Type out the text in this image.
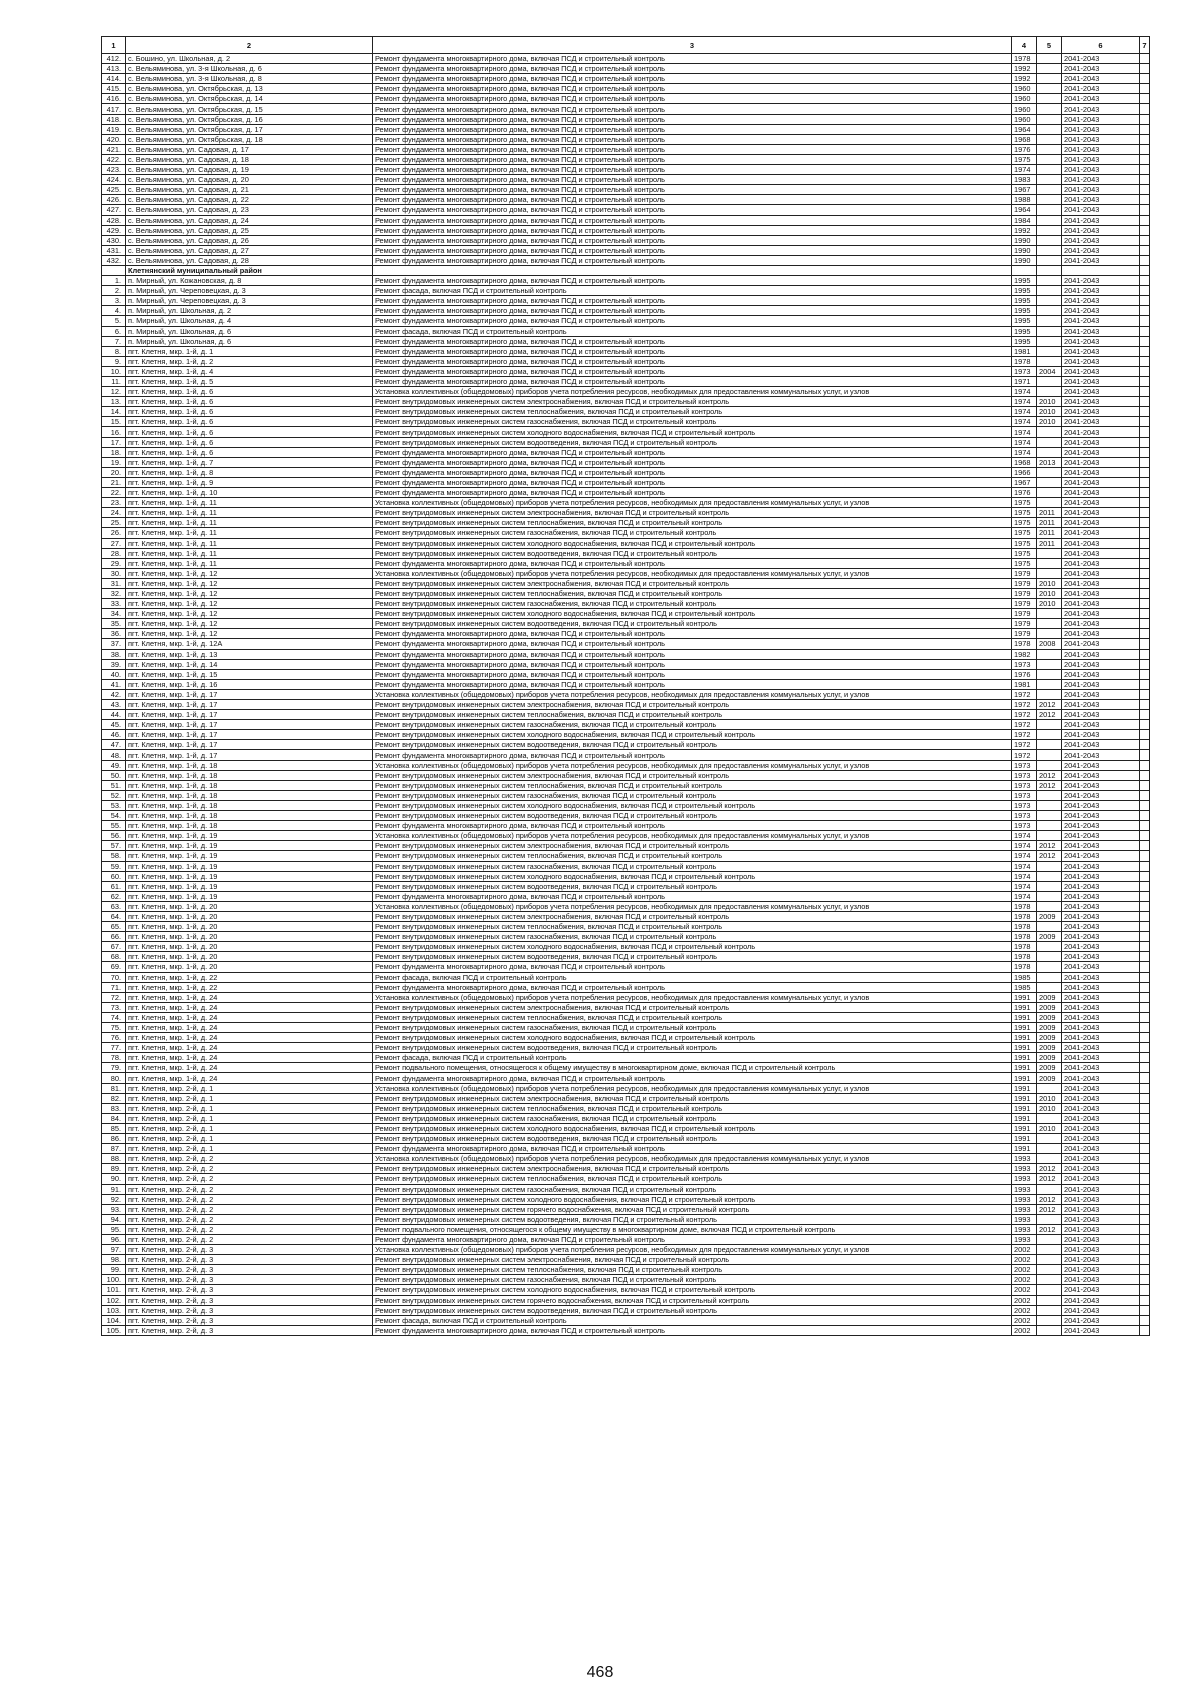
1	2	3	4	5	6	7
412.	с. Бошино, ул. Школьная, д. 2	Ремонт фундамента многоквартирного дома, включая ПСД и строительный контроль	1978		2041-2043	
413.	с. Вельяминова, ул. 3-я Школьная, д. 6	Ремонт фундамента многоквартирного дома, включая ПСД и строительный контроль	1992		2041-2043	
414.	с. Вельяминова, ул. 3-я Школьная, д. 8	Ремонт фундамента многоквартирного дома, включая ПСД и строительный контроль	1992		2041-2043	
415.	с. Вельяминова, ул. Октябрьская, д. 13	Ремонт фундамента многоквартирного дома, включая ПСД и строительный контроль	1960		2041-2043	
416.	с. Вельяминова, ул. Октябрьская, д. 14	Ремонт фундамента многоквартирного дома, включая ПСД и строительный контроль	1960		2041-2043	
417.	с. Вельяминова, ул. Октябрьская, д. 15	Ремонт фундамента многоквартирного дома, включая ПСД и строительный контроль	1960		2041-2043	
418.	с. Вельяминова, ул. Октябрьская, д. 16	Ремонт фундамента многоквартирного дома, включая ПСД и строительный контроль	1960		2041-2043	
419.	с. Вельяминова, ул. Октябрьская, д. 17	Ремонт фундамента многоквартирного дома, включая ПСД и строительный контроль	1964		2041-2043	
420.	с. Вельяминова, ул. Октябрьская, д. 18	Ремонт фундамента многоквартирного дома, включая ПСД и строительный контроль	1968		2041-2043	
421.	с. Вельяминова, ул. Садовая, д. 17	Ремонт фундамента многоквартирного дома, включая ПСД и строительный контроль	1976		2041-2043	
422.	с. Вельяминова, ул. Садовая, д. 18	Ремонт фундамента многоквартирного дома, включая ПСД и строительный контроль	1975		2041-2043	
423.	с. Вельяминова, ул. Садовая, д. 19	Ремонт фундамента многоквартирного дома, включая ПСД и строительный контроль	1974		2041-2043	
424.	с. Вельяминова, ул. Садовая, д. 20	Ремонт фундамента многоквартирного дома, включая ПСД и строительный контроль	1983		2041-2043	
425.	с. Вельяминова, ул. Садовая, д. 21	Ремонт фундамента многоквартирного дома, включая ПСД и строительный контроль	1967		2041-2043	
426.	с. Вельяминова, ул. Садовая, д. 22	Ремонт фундамента многоквартирного дома, включая ПСД и строительный контроль	1988		2041-2043	
427.	с. Вельяминова, ул. Садовая, д. 23	Ремонт фундамента многоквартирного дома, включая ПСД и строительный контроль	1964		2041-2043	
428.	с. Вельяминова, ул. Садовая, д. 24	Ремонт фундамента многоквартирного дома, включая ПСД и строительный контроль	1984		2041-2043	
429.	с. Вельяминова, ул. Садовая, д. 25	Ремонт фундамента многоквартирного дома, включая ПСД и строительный контроль	1992		2041-2043	
430.	с. Вельяминова, ул. Садовая, д. 26	Ремонт фундамента многоквартирного дома, включая ПСД и строительный контроль	1990		2041-2043	
431.	с. Вельяминова, ул. Садовая, д. 27	Ремонт фундамента многоквартирного дома, включая ПСД и строительный контроль	1990		2041-2043	
432.	с. Вельяминова, ул. Садовая, д. 28	Ремонт фундамента многоквартирного дома, включая ПСД и строительный контроль	1990		2041-2043	
	Клетнянский муниципальный район					
1.	п. Мирный, ул. Кожановская, д. 8	Ремонт фундамента многоквартирного дома, включая ПСД и строительный контроль	1995		2041-2043	
2.	п. Мирный, ул. Череповецкая, д. 3	Ремонт фасада, включая ПСД и строительный контроль	1995		2041-2043	
3.	п. Мирный, ул. Череповецкая, д. 3	Ремонт фундамента многоквартирного дома, включая ПСД и строительный контроль	1995		2041-2043	
4.	п. Мирный, ул. Школьная, д. 2	Ремонт фундамента многоквартирного дома, включая ПСД и строительный контроль	1995		2041-2043	
5.	п. Мирный, ул. Школьная, д. 4	Ремонт фундамента многоквартирного дома, включая ПСД и строительный контроль	1995		2041-2043	
6.	п. Мирный, ул. Школьная, д. 6	Ремонт фасада, включая ПСД и строительный контроль	1995		2041-2043	
7.	п. Мирный, ул. Школьная, д. 6	Ремонт фундамента многоквартирного дома, включая ПСД и строительный контроль	1995		2041-2043	
8.	пгт. Клетня, мкр. 1-й, д. 1	Ремонт фундамента многоквартирного дома, включая ПСД и строительный контроль	1981		2041-2043	
9.	пгт. Клетня, мкр. 1-й, д. 2	Ремонт фундамента многоквартирного дома, включая ПСД и строительный контроль	1978		2041-2043	
10.	пгт. Клетня, мкр. 1-й, д. 4	Ремонт фундамента многоквартирного дома, включая ПСД и строительный контроль	1973	2004	2041-2043	
11.	пгт. Клетня, мкр. 1-й, д. 5	Ремонт фундамента многоквартирного дома, включая ПСД и строительный контроль	1971		2041-2043	
12.	пгт. Клетня, мкр. 1-й, д. 6	Установка коллективных (общедомовых) приборов учета потребления ресурсов, необходимых для предоставления коммунальных услуг, и узлов	1974		2041-2043	
13.	пгт. Клетня, мкр. 1-й, д. 6	Ремонт внутридомовых инженерных систем электроснабжения, включая ПСД и строительный контроль	1974	2010	2041-2043	
14.	пгт. Клетня, мкр. 1-й, д. 6	Ремонт внутридомовых инженерных систем теплоснабжения, включая ПСД и строительный контроль	1974	2010	2041-2043	
15.	пгт. Клетня, мкр. 1-й, д. 6	Ремонт внутридомовых инженерных систем газоснабжения, включая ПСД и строительный контроль	1974	2010	2041-2043	
16.	пгт. Клетня, мкр. 1-й, д. 6	Ремонт внутридомовых инженерных систем холодного водоснабжения, включая ПСД и строительный контроль	1974		2041-2043	
17.	пгт. Клетня, мкр. 1-й, д. 6	Ремонт внутридомовых инженерных систем водоотведения, включая ПСД и строительный контроль	1974		2041-2043	
18.	пгт. Клетня, мкр. 1-й, д. 6	Ремонт фундамента многоквартирного дома, включая ПСД и строительный контроль	1974		2041-2043	
19.	пгт. Клетня, мкр. 1-й, д. 7	Ремонт фундамента многоквартирного дома, включая ПСД и строительный контроль	1968	2013	2041-2043	
20.	пгт. Клетня, мкр. 1-й, д. 8	Ремонт фундамента многоквартирного дома, включая ПСД и строительный контроль	1966		2041-2043	
21.	пгт. Клетня, мкр. 1-й, д. 9	Ремонт фундамента многоквартирного дома, включая ПСД и строительный контроль	1967		2041-2043	
22.	пгт. Клетня, мкр. 1-й, д. 10	Ремонт фундамента многоквартирного дома, включая ПСД и строительный контроль	1976		2041-2043	
23.	пгт. Клетня, мкр. 1-й, д. 11	Установка коллективных (общедомовых) приборов учета потребления ресурсов, необходимых для предоставления коммунальных услуг, и узлов	1975		2041-2043	
24.	пгт. Клетня, мкр. 1-й, д. 11	Ремонт внутридомовых инженерных систем электроснабжения, включая ПСД и строительный контроль	1975	2011	2041-2043	
25.	пгт. Клетня, мкр. 1-й, д. 11	Ремонт внутридомовых инженерных систем теплоснабжения, включая ПСД и строительный контроль	1975	2011	2041-2043	
26.	пгт. Клетня, мкр. 1-й, д. 11	Ремонт внутридомовых инженерных систем газоснабжения, включая ПСД и строительный контроль	1975	2011	2041-2043	
27.	пгт. Клетня, мкр. 1-й, д. 11	Ремонт внутридомовых инженерных систем холодного водоснабжения, включая ПСД и строительный контроль	1975	2011	2041-2043	
28.	пгт. Клетня, мкр. 1-й, д. 11	Ремонт внутридомовых инженерных систем водоотведения, включая ПСД и строительный контроль	1975		2041-2043	
29.	пгт. Клетня, мкр. 1-й, д. 11	Ремонт фундамента многоквартирного дома, включая ПСД и строительный контроль	1975		2041-2043	
30.	пгт. Клетня, мкр. 1-й, д. 12	Установка коллективных (общедомовых) приборов учета потребления ресурсов, необходимых для предоставления коммунальных услуг, и узлов	1979		2041-2043	
31.	пгт. Клетня, мкр. 1-й, д. 12	Ремонт внутридомовых инженерных систем электроснабжения, включая ПСД и строительный контроль	1979	2010	2041-2043	
32.	пгт. Клетня, мкр. 1-й, д. 12	Ремонт внутридомовых инженерных систем теплоснабжения, включая ПСД и строительный контроль	1979	2010	2041-2043	
33.	пгт. Клетня, мкр. 1-й, д. 12	Ремонт внутридомовых инженерных систем газоснабжения, включая ПСД и строительный контроль	1979	2010	2041-2043	
34.	пгт. Клетня, мкр. 1-й, д. 12	Ремонт внутридомовых инженерных систем холодного водоснабжения, включая ПСД и строительный контроль	1979		2041-2043	
35.	пгт. Клетня, мкр. 1-й, д. 12	Ремонт внутридомовых инженерных систем водоотведения, включая ПСД и строительный контроль	1979		2041-2043	
36.	пгт. Клетня, мкр. 1-й, д. 12	Ремонт фундамента многоквартирного дома, включая ПСД и строительный контроль	1979		2041-2043	
37.	пгт. Клетня, мкр. 1-й, д. 12А	Ремонт фундамента многоквартирного дома, включая ПСД и строительный контроль	1978	2008	2041-2043	
38.	пгт. Клетня, мкр. 1-й, д. 13	Ремонт фундамента многоквартирного дома, включая ПСД и строительный контроль	1982		2041-2043	
39.	пгт. Клетня, мкр. 1-й, д. 14	Ремонт фундамента многоквартирного дома, включая ПСД и строительный контроль	1973		2041-2043	
40.	пгт. Клетня, мкр. 1-й, д. 15	Ремонт фундамента многоквартирного дома, включая ПСД и строительный контроль	1976		2041-2043	
41.	пгт. Клетня, мкр. 1-й, д. 16	Ремонт фундамента многоквартирного дома, включая ПСД и строительный контроль	1981		2041-2043	
42.	пгт. Клетня, мкр. 1-й, д. 17	Установка коллективных (общедомовых) приборов учета потребления ресурсов, необходимых для предоставления коммунальных услуг, и узлов	1972		2041-2043	
43.	пгт. Клетня, мкр. 1-й, д. 17	Ремонт внутридомовых инженерных систем электроснабжения, включая ПСД и строительный контроль	1972	2012	2041-2043	
44.	пгт. Клетня, мкр. 1-й, д. 17	Ремонт внутридомовых инженерных систем теплоснабжения, включая ПСД и строительный контроль	1972	2012	2041-2043	
45.	пгт. Клетня, мкр. 1-й, д. 17	Ремонт внутридомовых инженерных систем газоснабжения, включая ПСД и строительный контроль	1972		2041-2043	
46.	пгт. Клетня, мкр. 1-й, д. 17	Ремонт внутридомовых инженерных систем холодного водоснабжения, включая ПСД и строительный контроль	1972		2041-2043	
47.	пгт. Клетня, мкр. 1-й, д. 17	Ремонт внутридомовых инженерных систем водоотведения, включая ПСД и строительный контроль	1972		2041-2043	
48.	пгт. Клетня, мкр. 1-й, д. 17	Ремонт фундамента многоквартирного дома, включая ПСД и строительный контроль	1972		2041-2043	
49.	пгт. Клетня, мкр. 1-й, д. 18	Установка коллективных (общедомовых) приборов учета потребления ресурсов, необходимых для предоставления коммунальных услуг, и узлов	1973		2041-2043	
50.	пгт. Клетня, мкр. 1-й, д. 18	Ремонт внутридомовых инженерных систем электроснабжения, включая ПСД и строительный контроль	1973	2012	2041-2043	
51.	пгт. Клетня, мкр. 1-й, д. 18	Ремонт внутридомовых инженерных систем теплоснабжения, включая ПСД и строительный контроль	1973	2012	2041-2043	
52.	пгт. Клетня, мкр. 1-й, д. 18	Ремонт внутридомовых инженерных систем газоснабжения, включая ПСД и строительный контроль	1973		2041-2043	
53.	пгт. Клетня, мкр. 1-й, д. 18	Ремонт внутридомовых инженерных систем холодного водоснабжения, включая ПСД и строительный контроль	1973		2041-2043	
54.	пгт. Клетня, мкр. 1-й, д. 18	Ремонт внутридомовых инженерных систем водоотведения, включая ПСД и строительный контроль	1973		2041-2043	
55.	пгт. Клетня, мкр. 1-й, д. 18	Ремонт фундамента многоквартирного дома, включая ПСД и строительный контроль	1973		2041-2043	
56.	пгт. Клетня, мкр. 1-й, д. 19	Установка коллективных (общедомовых) приборов учета потребления ресурсов, необходимых для предоставления коммунальных услуг, и узлов	1974		2041-2043	
57.	пгт. Клетня, мкр. 1-й, д. 19	Ремонт внутридомовых инженерных систем электроснабжения, включая ПСД и строительный контроль	1974	2012	2041-2043	
58.	пгт. Клетня, мкр. 1-й, д. 19	Ремонт внутридомовых инженерных систем теплоснабжения, включая ПСД и строительный контроль	1974	2012	2041-2043	
59.	пгт. Клетня, мкр. 1-й, д. 19	Ремонт внутридомовых инженерных систем газоснабжения, включая ПСД и строительный контроль	1974		2041-2043	
60.	пгт. Клетня, мкр. 1-й, д. 19	Ремонт внутридомовых инженерных систем холодного водоснабжения, включая ПСД и строительный контроль	1974		2041-2043	
61.	пгт. Клетня, мкр. 1-й, д. 19	Ремонт внутридомовых инженерных систем водоотведения, включая ПСД и строительный контроль	1974		2041-2043	
62.	пгт. Клетня, мкр. 1-й, д. 19	Ремонт фундамента многоквартирного дома, включая ПСД и строительный контроль	1974		2041-2043	
63.	пгт. Клетня, мкр. 1-й, д. 20	Установка коллективных (общедомовых) приборов учета потребления ресурсов, необходимых для предоставления коммунальных услуг, и узлов	1978		2041-2043	
64.	пгт. Клетня, мкр. 1-й, д. 20	Ремонт внутридомовых инженерных систем электроснабжения, включая ПСД и строительный контроль	1978	2009	2041-2043	
65.	пгт. Клетня, мкр. 1-й, д. 20	Ремонт внутридомовых инженерных систем теплоснабжения, включая ПСД и строительный контроль	1978		2041-2043	
66.	пгт. Клетня, мкр. 1-й, д. 20	Ремонт внутридомовых инженерных систем газоснабжения, включая ПСД и строительный контроль	1978	2009	2041-2043	
67.	пгт. Клетня, мкр. 1-й, д. 20	Ремонт внутридомовых инженерных систем холодного водоснабжения, включая ПСД и строительный контроль	1978		2041-2043	
68.	пгт. Клетня, мкр. 1-й, д. 20	Ремонт внутридомовых инженерных систем водоотведения, включая ПСД и строительный контроль	1978		2041-2043	
69.	пгт. Клетня, мкр. 1-й, д. 20	Ремонт фундамента многоквартирного дома, включая ПСД и строительный контроль	1978		2041-2043	
70.	пгт. Клетня, мкр. 1-й, д. 22	Ремонт фасада, включая ПСД и строительный контроль	1985		2041-2043	
71.	пгт. Клетня, мкр. 1-й, д. 22	Ремонт фундамента многоквартирного дома, включая ПСД и строительный контроль	1985		2041-2043	
72.	пгт. Клетня, мкр. 1-й, д. 24	Установка коллективных (общедомовых) приборов учета потребления ресурсов, необходимых для предоставления коммунальных услуг, и узлов	1991	2009	2041-2043	
73.	пгт. Клетня, мкр. 1-й, д. 24	Ремонт внутридомовых инженерных систем электроснабжения, включая ПСД и строительный контроль	1991	2009	2041-2043	
74.	пгт. Клетня, мкр. 1-й, д. 24	Ремонт внутридомовых инженерных систем теплоснабжения, включая ПСД и строительный контроль	1991	2009	2041-2043	
75.	пгт. Клетня, мкр. 1-й, д. 24	Ремонт внутридомовых инженерных систем газоснабжения, включая ПСД и строительный контроль	1991	2009	2041-2043	
76.	пгт. Клетня, мкр. 1-й, д. 24	Ремонт внутридомовых инженерных систем холодного водоснабжения, включая ПСД и строительный контроль	1991	2009	2041-2043	
77.	пгт. Клетня, мкр. 1-й, д. 24	Ремонт внутридомовых инженерных систем водоотведения, включая ПСД и строительный контроль	1991	2009	2041-2043	
78.	пгт. Клетня, мкр. 1-й, д. 24	Ремонт фасада, включая ПСД и строительный контроль	1991	2009	2041-2043	
79.	пгт. Клетня, мкр. 1-й, д. 24	Ремонт подвального помещения, относящегося к общему имуществу в многоквартирном доме, включая ПСД и строительный контроль	1991	2009	2041-2043	
80.	пгт. Клетня, мкр. 1-й, д. 24	Ремонт фундамента многоквартирного дома, включая ПСД и строительный контроль	1991	2009	2041-2043	
81.	пгт. Клетня, мкр. 2-й, д. 1	Установка коллективных (общедомовых) приборов учета потребления ресурсов, необходимых для предоставления коммунальных услуг, и узлов	1991		2041-2043	
82.	пгт. Клетня, мкр. 2-й, д. 1	Ремонт внутридомовых инженерных систем электроснабжения, включая ПСД и строительный контроль	1991	2010	2041-2043	
83.	пгт. Клетня, мкр. 2-й, д. 1	Ремонт внутридомовых инженерных систем теплоснабжения, включая ПСД и строительный контроль	1991	2010	2041-2043	
84.	пгт. Клетня, мкр. 2-й, д. 1	Ремонт внутридомовых инженерных систем газоснабжения, включая ПСД и строительный контроль	1991		2041-2043	
85.	пгт. Клетня, мкр. 2-й, д. 1	Ремонт внутридомовых инженерных систем холодного водоснабжения, включая ПСД и строительный контроль	1991	2010	2041-2043	
86.	пгт. Клетня, мкр. 2-й, д. 1	Ремонт внутридомовых инженерных систем водоотведения, включая ПСД и строительный контроль	1991		2041-2043	
87.	пгт. Клетня, мкр. 2-й, д. 1	Ремонт фундамента многоквартирного дома, включая ПСД и строительный контроль	1991		2041-2043	
88.	пгт. Клетня, мкр. 2-й, д. 2	Установка коллективных (общедомовых) приборов учета потребления ресурсов, необходимых для предоставления коммунальных услуг, и узлов	1993		2041-2043	
89.	пгт. Клетня, мкр. 2-й, д. 2	Ремонт внутридомовых инженерных систем электроснабжения, включая ПСД и строительный контроль	1993	2012	2041-2043	
90.	пгт. Клетня, мкр. 2-й, д. 2	Ремонт внутридомовых инженерных систем теплоснабжения, включая ПСД и строительный контроль	1993	2012	2041-2043	
91.	пгт. Клетня, мкр. 2-й, д. 2	Ремонт внутридомовых инженерных систем газоснабжения, включая ПСД и строительный контроль	1993		2041-2043	
92.	пгт. Клетня, мкр. 2-й, д. 2	Ремонт внутридомовых инженерных систем холодного водоснабжения, включая ПСД и строительный контроль	1993	2012	2041-2043	
93.	пгт. Клетня, мкр. 2-й, д. 2	Ремонт внутридомовых инженерных систем горячего водоснабжения, включая ПСД и строительный контроль	1993	2012	2041-2043	
94.	пгт. Клетня, мкр. 2-й, д. 2	Ремонт внутридомовых инженерных систем водоотведения, включая ПСД и строительный контроль	1993		2041-2043	
95.	пгт. Клетня, мкр. 2-й, д. 2	Ремонт подвального помещения, относящегося к общему имуществу в многоквартирном доме, включая ПСД и строительный контроль	1993	2012	2041-2043	
96.	пгт. Клетня, мкр. 2-й, д. 2	Ремонт фундамента многоквартирного дома, включая ПСД и строительный контроль	1993		2041-2043	
97.	пгт. Клетня, мкр. 2-й, д. 3	Установка коллективных (общедомовых) приборов учета потребления ресурсов, необходимых для предоставления коммунальных услуг, и узлов	2002		2041-2043	
98.	пгт. Клетня, мкр. 2-й, д. 3	Ремонт внутридомовых инженерных систем электроснабжения, включая ПСД и строительный контроль	2002		2041-2043	
99.	пгт. Клетня, мкр. 2-й, д. 3	Ремонт внутридомовых инженерных систем теплоснабжения, включая ПСД и строительный контроль	2002		2041-2043	
100.	пгт. Клетня, мкр. 2-й, д. 3	Ремонт внутридомовых инженерных систем газоснабжения, включая ПСД и строительный контроль	2002		2041-2043	
101.	пгт. Клетня, мкр. 2-й, д. 3	Ремонт внутридомовых инженерных систем холодного водоснабжения, включая ПСД и строительный контроль	2002		2041-2043	
102.	пгт. Клетня, мкр. 2-й, д. 3	Ремонт внутридомовых инженерных систем горячего водоснабжения, включая ПСД и строительный контроль	2002		2041-2043	
103.	пгт. Клетня, мкр. 2-й, д. 3	Ремонт внутридомовых инженерных систем водоотведения, включая ПСД и строительный контроль	2002		2041-2043	
104.	пгт. Клетня, мкр. 2-й, д. 3	Ремонт фасада, включая ПСД и строительный контроль	2002		2041-2043	
105.	пгт. Клетня, мкр. 2-й, д. 3	Ремонт фундамента многоквартирного дома, включая ПСД и строительный контроль	2002		2041-2043	
468
